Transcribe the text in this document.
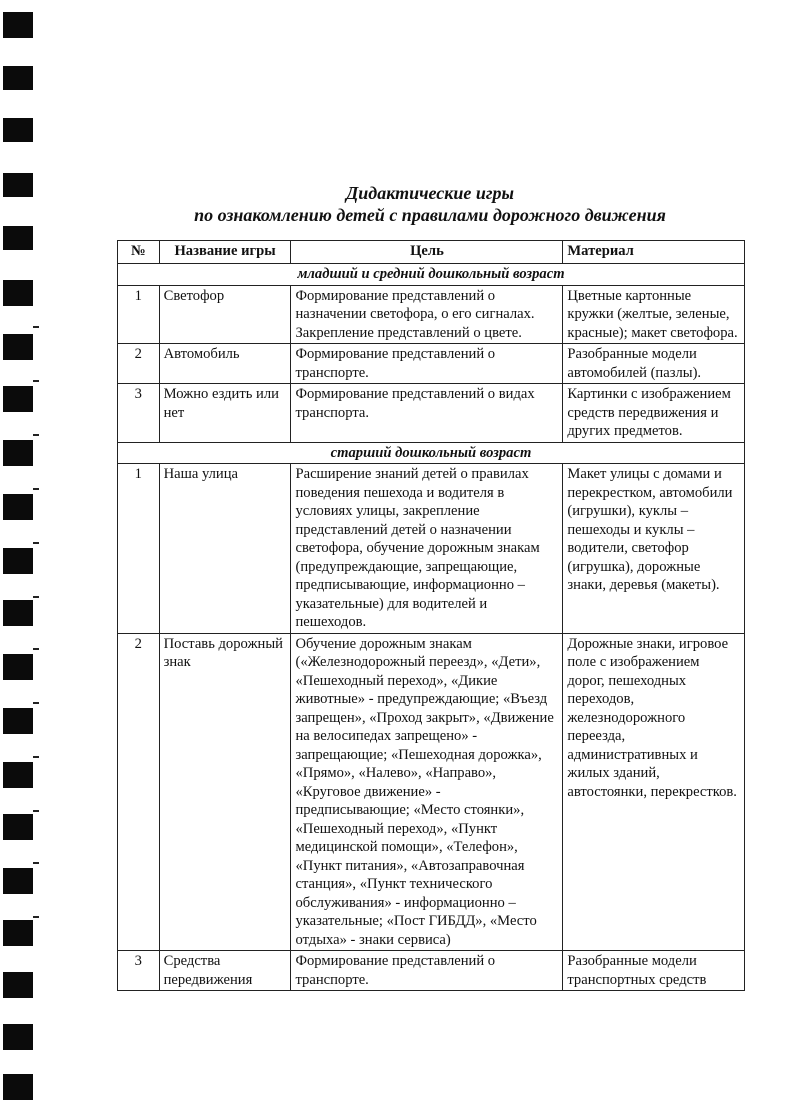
Дидактические игры
по ознакомлению детей с правилами дорожного движения
№	Название игры	Цель	Материал
младший и средний дошкольный возраст			
1	Светофор	Формирование представлений о назначении светофора, о его сигналах. Закрепление представлений о цвете.	Цветные картонные кружки (желтые, зеленые, красные); макет светофора.
2	Автомобиль	Формирование представлений о транспорте.	Разобранные модели автомобилей (пазлы).
3	Можно ездить или нет	Формирование представлений о видах транспорта.	Картинки с изображением средств передвижения и других предметов.
старший дошкольный возраст			
1	Наша улица	Расширение знаний детей о правилах поведения пешехода и водителя в условиях улицы, закрепление представлений детей о назначении светофора, обучение дорожным знакам (предупреждающие, запрещающие, предписывающие, информационно – указательные) для водителей и пешеходов.	Макет улицы с домами и перекрестком, автомобили (игрушки), куклы – пешеходы и куклы – водители, светофор (игрушка), дорожные знаки, деревья (макеты).
2	Поставь дорожный знак	Обучение дорожным знакам («Железнодорожный переезд», «Дети», «Пешеходный переход», «Дикие животные» - предупреждающие; «Въезд запрещен», «Проход закрыт», «Движение на велосипедах запрещено» - запрещающие; «Пешеходная дорожка», «Прямо», «Налево», «Направо», «Круговое движение» - предписывающие; «Место стоянки», «Пешеходный переход», «Пункт медицинской помощи», «Телефон», «Пункт питания», «Автозаправочная станция», «Пункт технического обслуживания» - информационно – указательные; «Пост ГИБДД», «Место отдыха» - знаки сервиса)	Дорожные знаки, игровое поле с изображением дорог, пешеходных переходов, железнодорожного переезда, административных и жилых зданий, автостоянки, перекрестков.
3	Средства передвижения	Формирование представлений о транспорте.	Разобранные модели транспортных средств
